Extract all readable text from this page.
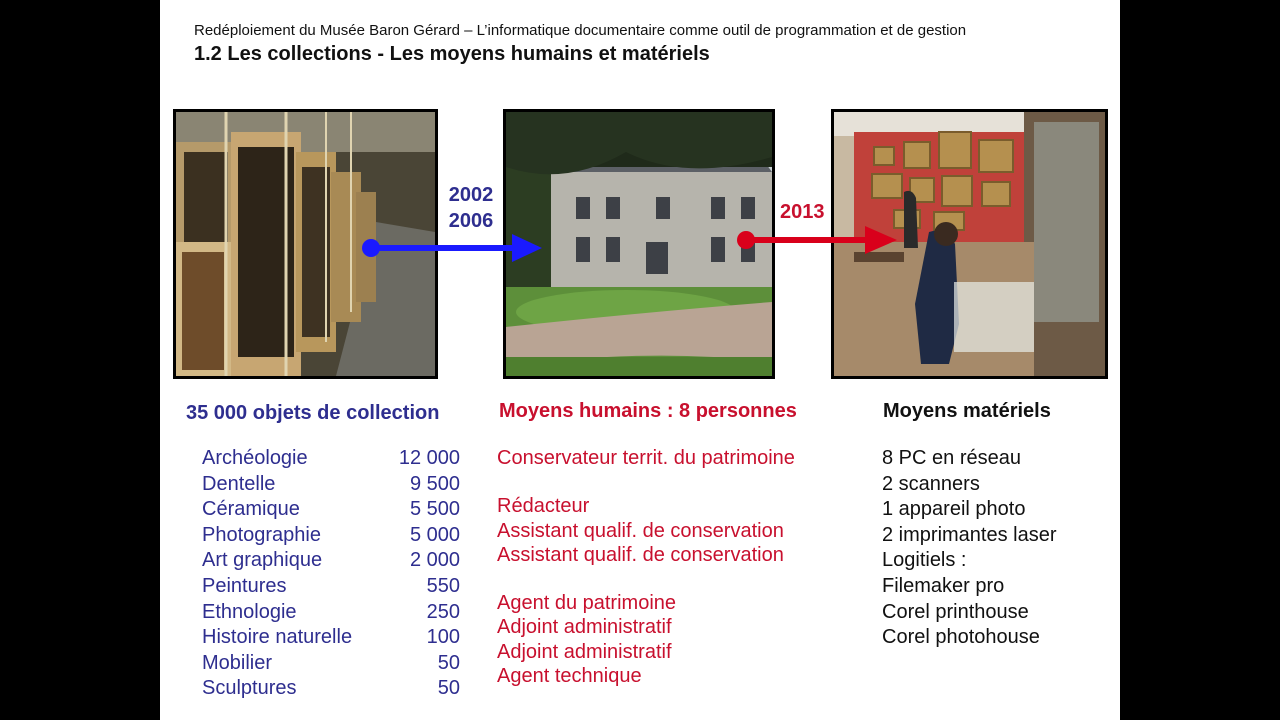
Redéploiement du Musée Baron Gérard – L’informatique documentaire comme outil de programmation et de gestion
1.2 Les collections - Les moyens humains et matériels
2002
2006	2013
35 000 objets de collection	Moyens humains : 8 personnes	Moyens matériels
Archéologie	12 000
Dentelle	9 500
Céramique	5 500
Photographie	5 000
Art graphique	2 000
Peintures	550
Ethnologie	250
Histoire naturelle	100
Mobilier	50
Sculptures	50
Conservateur territ. du patrimoine
Rédacteur
Assistant qualif. de conservation
Assistant qualif. de conservation
Agent du patrimoine
Adjoint administratif
Adjoint administratif
Agent technique
8 PC en réseau
2 scanners
1 appareil photo
2 imprimantes laser
Logitiels :
Filemaker pro
Corel printhouse
Corel photohouse
